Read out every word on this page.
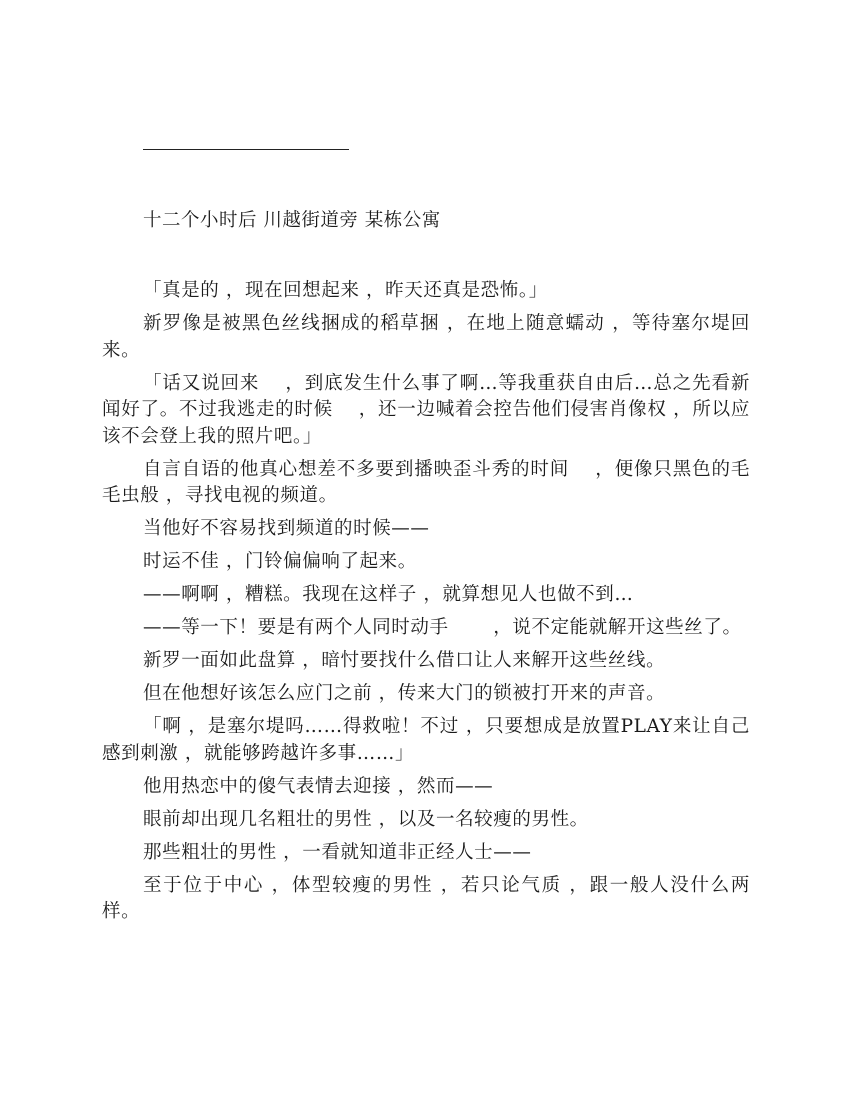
十二个小时后 川越街道旁 某栋公寓

「真是的 ，现在回想起来 ，昨天还真是恐怖。」

新罗像是被黑色丝线捆成的稻草捆 ，在地上随意蠕动 ，等待塞尔堤回来。

「话又说回来 　，到底发生什么事了啊…等我重获自由后…总之先看新闻好了。不过我逃走的时候 　，还一边喊着会控告他们侵害肖像权 ，所以应该不会登上我的照片吧。」

自言自语的他真心想差不多要到播映歪斗秀的时间 　，便像只黑色的毛毛虫般 ，寻找电视的频道。

当他好不容易找到频道的时候——

时运不佳 ，门铃偏偏响了起来。

——啊啊 ，糟糕。我现在这样子 ，就算想见人也做不到…

——等一下！要是有两个人同时动手 　　，说不定能就解开这些丝了。

新罗一面如此盘算 ，暗忖要找什么借口让人来解开这些丝线。

但在他想好该怎么应门之前 ，传来大门的锁被打开来的声音。

「啊 ，是塞尔堤吗……得救啦！不过 ，只要想成是放置PLAY来让自己感到刺激 ，就能够跨越许多事……」

他用热恋中的傻气表情去迎接 ，然而——

眼前却出现几名粗壮的男性 ，以及一名较瘦的男性。

那些粗壮的男性 ，一看就知道非正经人士——

至于位于中心 ，体型较瘦的男性 ，若只论气质 ，跟一般人没什么两样。
